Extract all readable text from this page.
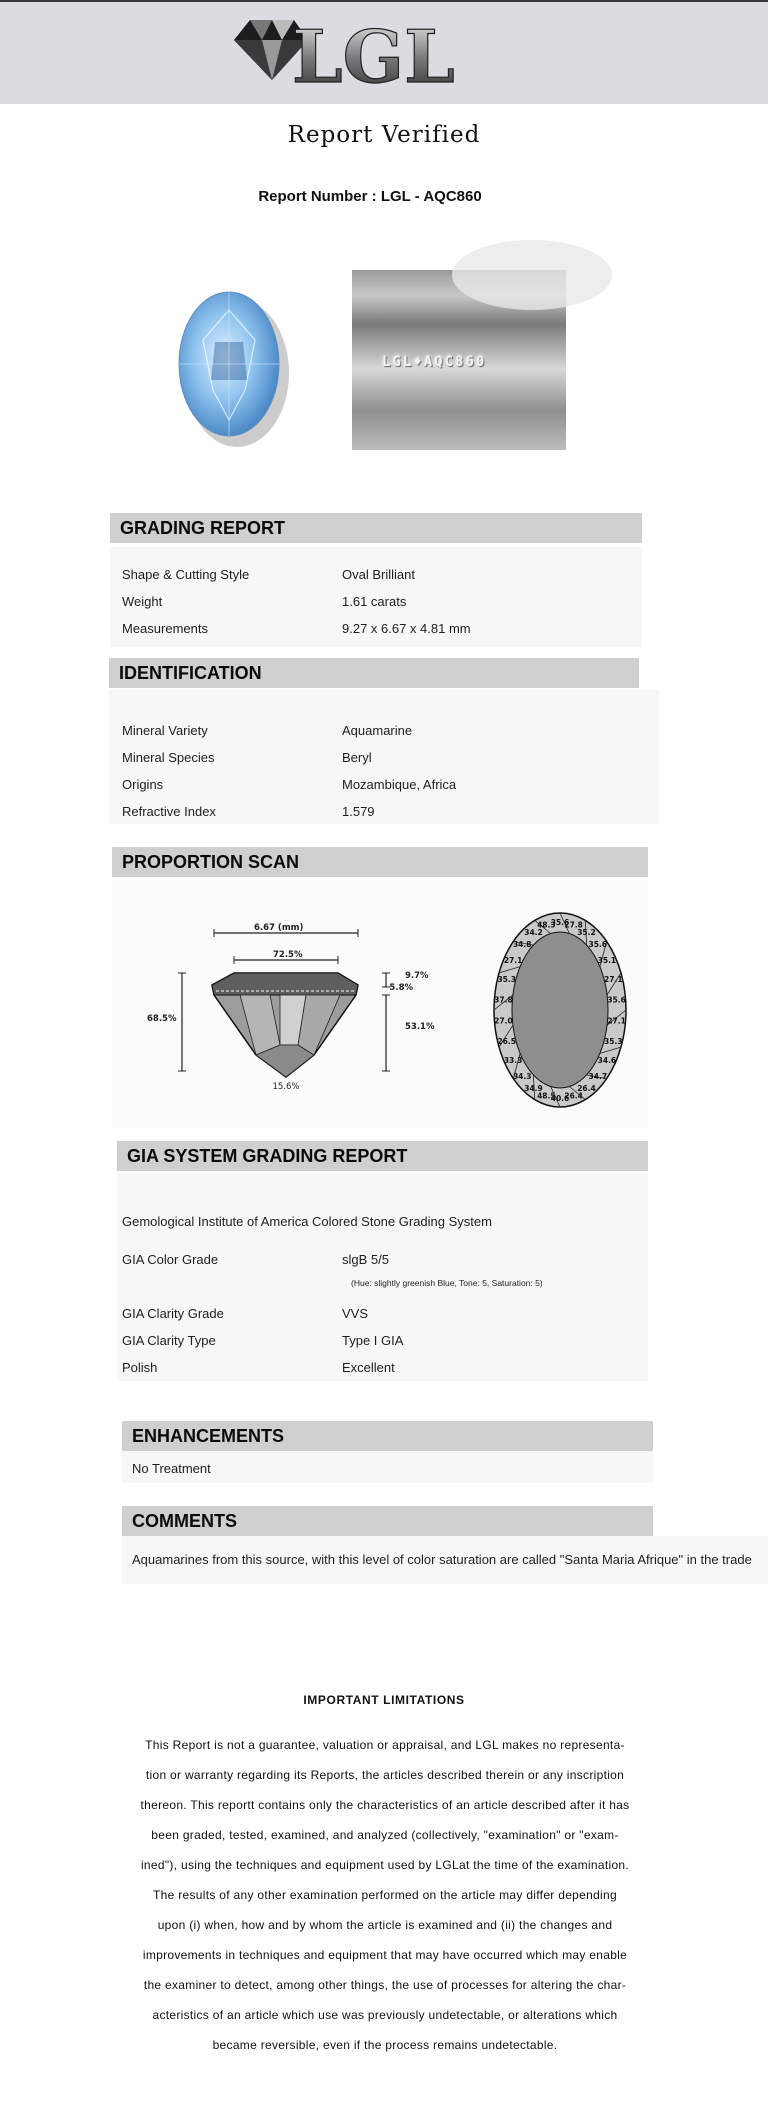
LGL
Report Verified
Report Number : LGL - AQC860
LGL♦AQC860
GRADING REPORT
Shape & Cutting Style	Oval Brilliant
Weight	1.61 carats
Measurements	9.27 x 6.67 x 4.81 mm
IDENTIFICATION
Mineral Variety	Aquamarine
Mineral Species	Beryl
Origins	Mozambique, Africa
Refractive Index	1.579
PROPORTION SCAN
6.67 (mm)
72.5%
68.5%
9.7%
5.8%
53.1%
15.6%
35.6
27.8
35.2
35.6
35.1
27.1
35.6
27.1
35.3
34.6
34.7
26.4
26.4
40.6
48.5
34.9
34.3
33.3
26.5
27.0
37.8
35.3
27.1
34.8
34.2
48.3
GIA SYSTEM GRADING REPORT
Gemological Institute of America Colored Stone Grading System
GIA Color Grade	slgB 5/5
(Hue: slightly greenish Blue, Tone: 5, Saturation: 5)
GIA Clarity Grade	VVS
GIA Clarity Type	Type I GIA
Polish	Excellent
ENHANCEMENTS
No Treatment
COMMENTS
Aquamarines from this source, with this level of color saturation are called "Santa Maria Afrique" in the trade
IMPORTANT LIMITATIONS
This Report is not a guarantee, valuation or appraisal, and LGL makes no representa-
tion or warranty regarding its Reports, the articles described therein or any inscription
thereon. This reportt contains only the characteristics of an article described after it has
been graded, tested, examined, and analyzed (collectively, "examination" or "exam-
ined"), using the techniques and equipment used by LGLat the time of the examination.
The results of any other examination performed on the article may differ depending
upon (i) when, how and by whom the article is examined and (ii) the changes and
improvements in techniques and equipment that may have occurred which may enable
the examiner to detect, among other things, the use of processes for altering the char-
acteristics of an article which use was previously undetectable, or alterations which
became reversible, even if the process remains undetectable.
